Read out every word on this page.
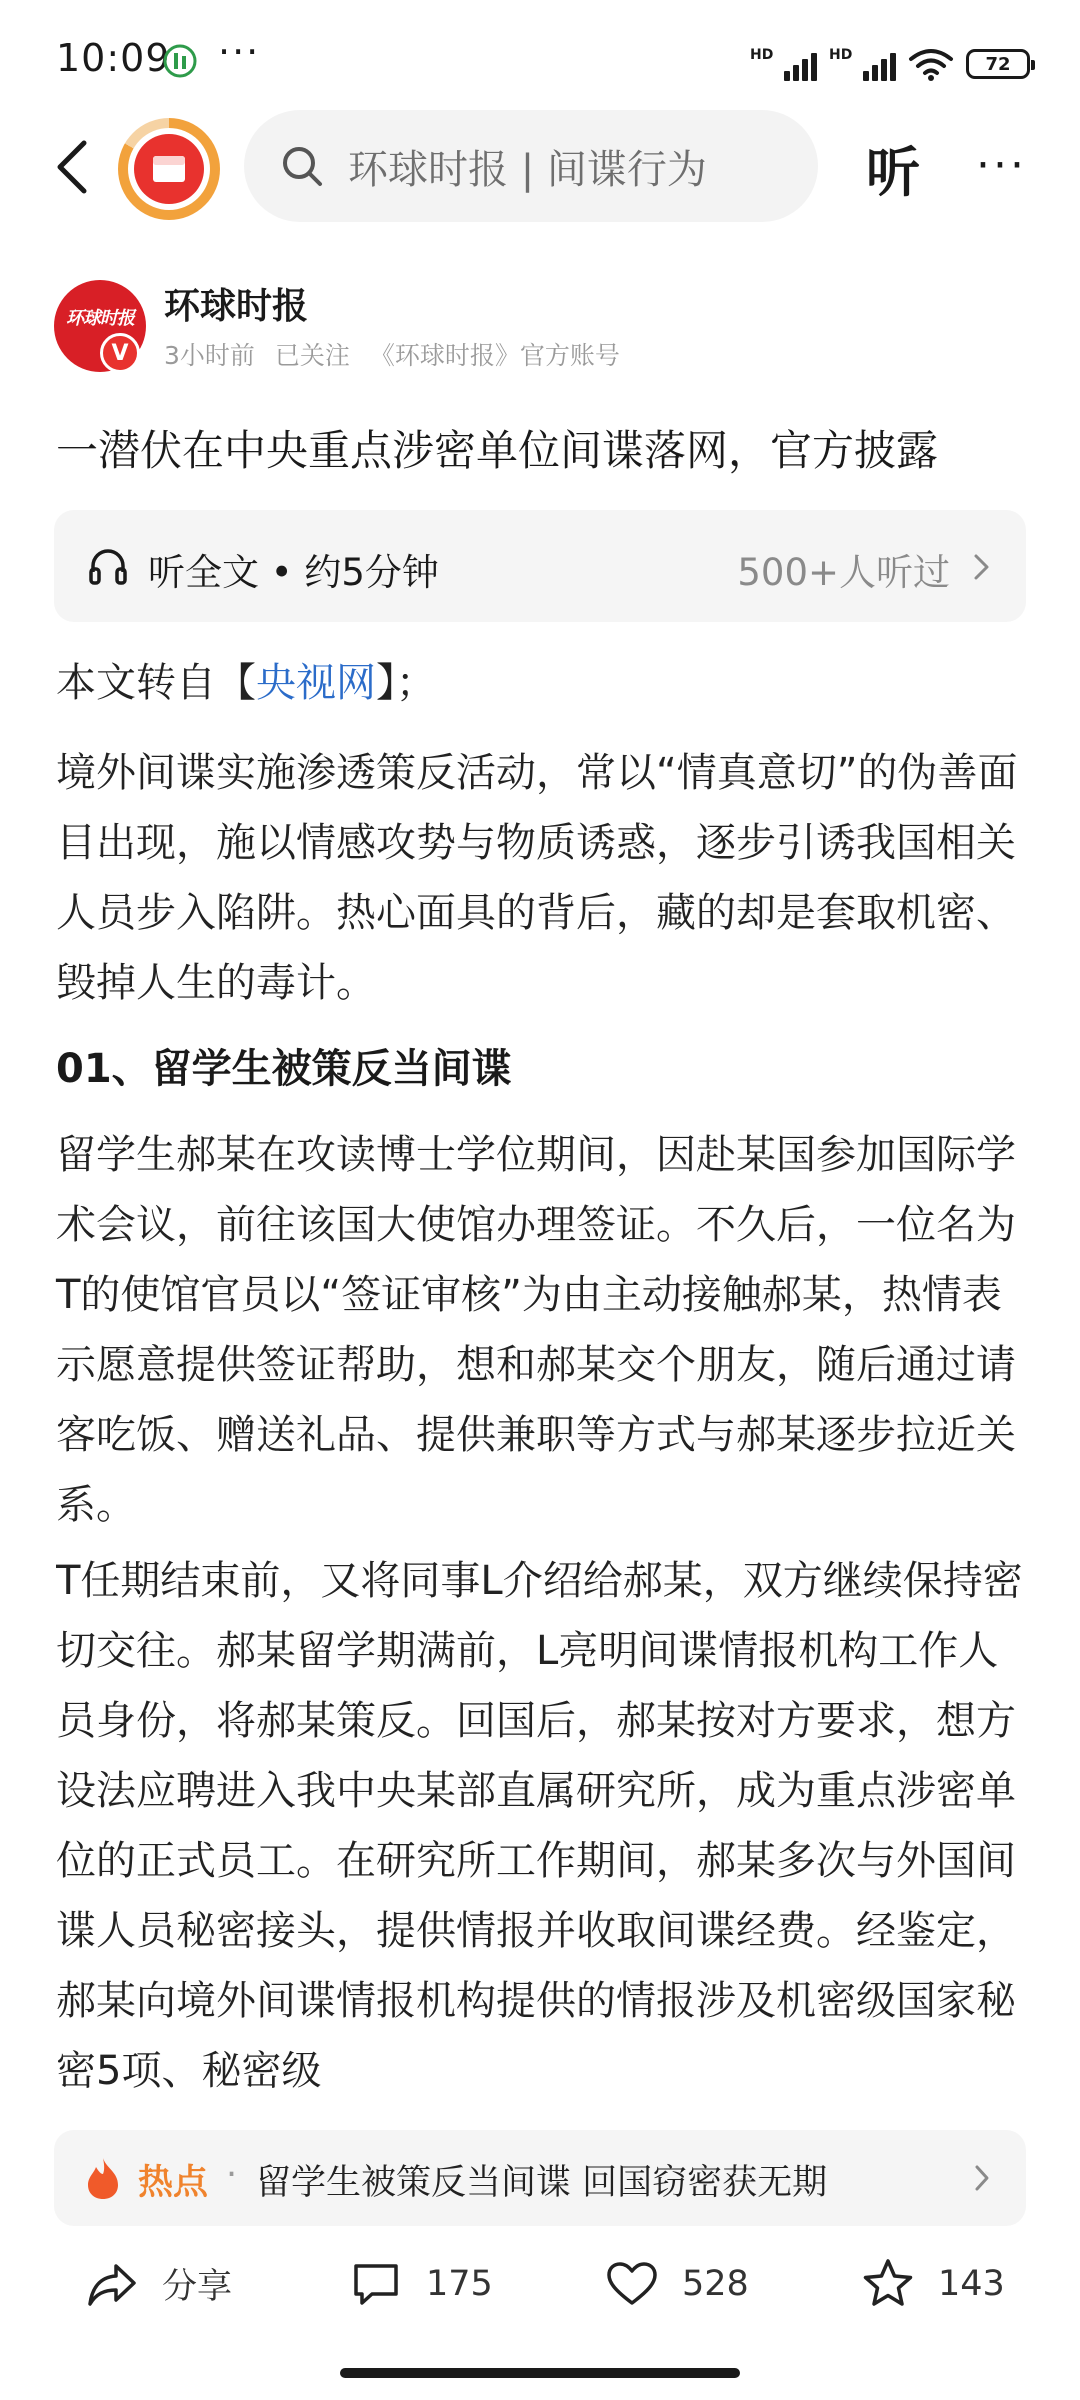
10:09 ···	HD	HD	72
环球时报 | 间谍行为	听 ···
环球时报
V
环球时报
3小时前 已关注 《环球时报》官方账号
一潜伏在中央重点涉密单位间谍落网，官方披露
听全文 • 约5分钟	500+人听过

本文转自【央视网】；

境外间谍实施渗透策反活动，常以“情真意切”的伪善面目出现，施以情感攻势与物质诱惑，逐步引诱我国相关人员步入陷阱。热心面具的背后，藏的却是套取机密、毁掉人生的毒计。

01、留学生被策反当间谍

留学生郝某在攻读博士学位期间，因赴某国参加国际学术会议，前往该国大使馆办理签证。不久后，一位名为T的使馆官员以“签证审核”为由主动接触郝某，热情表示愿意提供签证帮助，想和郝某交个朋友，随后通过请客吃饭、赠送礼品、提供兼职等方式与郝某逐步拉近关系。

T任期结束前，又将同事L介绍给郝某，双方继续保持密切交往。郝某留学期满前，L亮明间谍情报机构工作人员身份，将郝某策反。回国后，郝某按对方要求，想方设法应聘进入我中央某部直属研究所，成为重点涉密单位的正式员工。在研究所工作期间，郝某多次与外国间谍人员秘密接头，提供情报并收取间谍经费。经鉴定，郝某向境外间谍情报机构提供的情报涉及机密级国家秘密5项、秘密级

热点 · 留学生被策反当间谍 回国窃密获无期
分享	175	528	143
